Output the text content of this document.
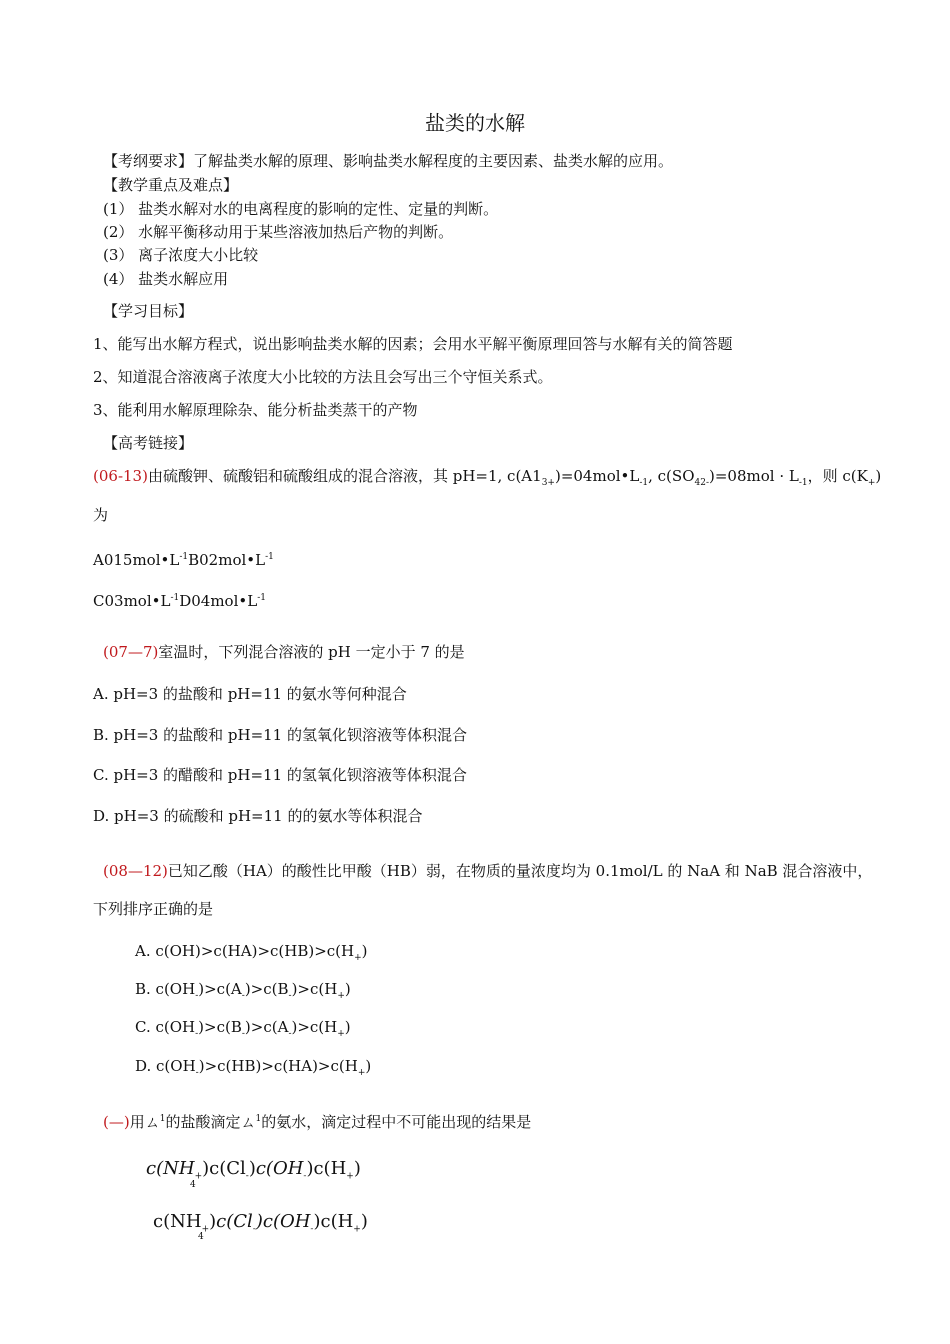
盐类的水解
【考纲要求】了解盐类水解的原理、影响盐类水解程度的主要因素、盐类水解的应用。
【教学重点及难点】
(1） 盐类水解对水的电离程度的影响的定性、定量的判断。
(2） 水解平衡移动用于某些溶液加热后产物的判断。
(3） 离子浓度大小比较
(4） 盐类水解应用
【学习目标】
1、能写出水解方程式，说出影响盐类水解的因素；会用水平解平衡原理回答与水解有关的简答题
2、知道混合溶液离子浓度大小比较的方法且会写出三个守恒关系式。
3、能利用水解原理除杂、能分析盐类蒸干的产物
【高考链接】
(06-13)由硫酸钾、硫酸铝和硫酸组成的混合溶液，其 pH=1, $c(A1_{3+})=04mol•L_{-1}$, $c(SO_{42-})=08mol \cdot L_{-1}$，则 $c(K_+)$
为
$A015mol•L^{-1}B02mol•L^{-1}$
$C03mol•L^{-1}D04mol•L^{-1}$
(07—7)室温时，下列混合溶液的 pH 一定小于 7 的是
A. pH=3 的盐酸和 pH=11 的氨水等何种混合
B. pH=3 的盐酸和 pH=11 的氢氧化钡溶液等体积混合
C. pH=3 的醋酸和 pH=11 的氢氧化钡溶液等体积混合
D. pH=3 的硫酸和 pH=11 的的氨水等体积混合
(08—12)已知乙酸（HA）的酸性比甲酸（HB）弱，在物质的量浓度均为 0.1mol/L 的 NaA 和 NaB 混合溶液中，
下列排序正确的是
A. $c(OH)>c(HA)>c(HB)>c(H_+)$
B. $c(OH_-)>c(A_-)>c(B_-)>c(H_+)$
C. $c(OH_-)>c(B_-)>c(A_-)>c(H_+)$
D. $c(OH_-)>c(HB)>c(HA)>c(H_+)$
(—)用ㄙ$^1$的盐酸滴定ㄙ$^1$的氨水，滴定过程中不可能出现的结果是
$c(NH_+)c(Cl_-)c(OH_-)c(H_+)$
4
$c(NH_+)c(Cl_-)c(OH_-)c(H_+)$
4
